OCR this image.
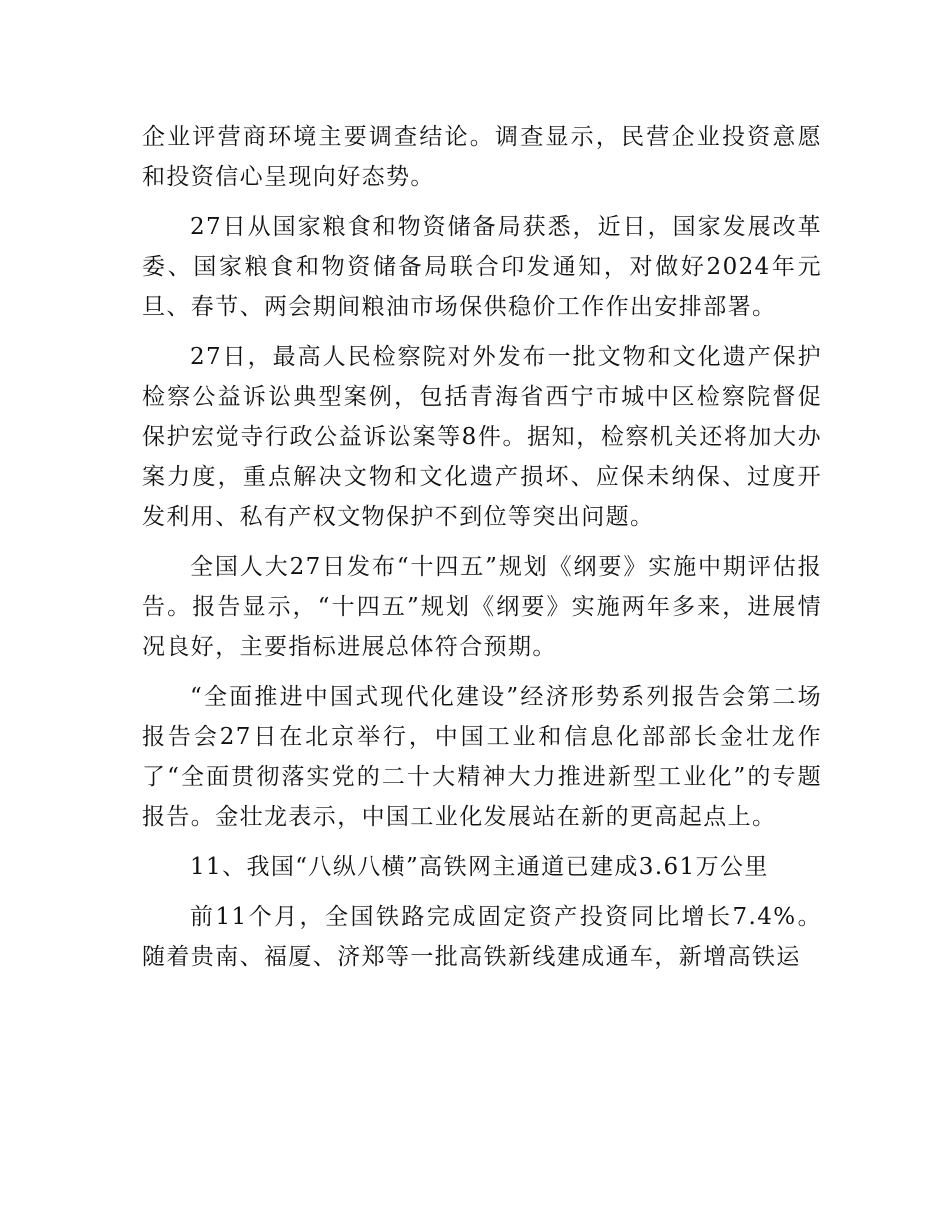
企业评营商环境主要调查结论。调查显示，民营企业投资意愿和投资信心呈现向好态势。

27日从国家粮食和物资储备局获悉，近日，国家发展改革委、国家粮食和物资储备局联合印发通知，对做好2024年元旦、春节、两会期间粮油市场保供稳价工作作出安排部署。

27日，最高人民检察院对外发布一批文物和文化遗产保护检察公益诉讼典型案例，包括青海省西宁市城中区检察院督促保护宏觉寺行政公益诉讼案等8件。据知，检察机关还将加大办案力度，重点解决文物和文化遗产损坏、应保未纳保、过度开发利用、私有产权文物保护不到位等突出问题。

全国人大27日发布“十四五”规划《纲要》实施中期评估报告。报告显示，“十四五”规划《纲要》实施两年多来，进展情况良好，主要指标进展总体符合预期。

“全面推进中国式现代化建设”经济形势系列报告会第二场报告会27日在北京举行，中国工业和信息化部部长金壮龙作了“全面贯彻落实党的二十大精神大力推进新型工业化”的专题报告。金壮龙表示，中国工业化发展站在新的更高起点上。

11、我国“八纵八横”高铁网主通道已建成3.61万公里

前11个月，全国铁路完成固定资产投资同比增长7.4%。随着贵南、福厦、济郑等一批高铁新线建成通车，新增高铁运
